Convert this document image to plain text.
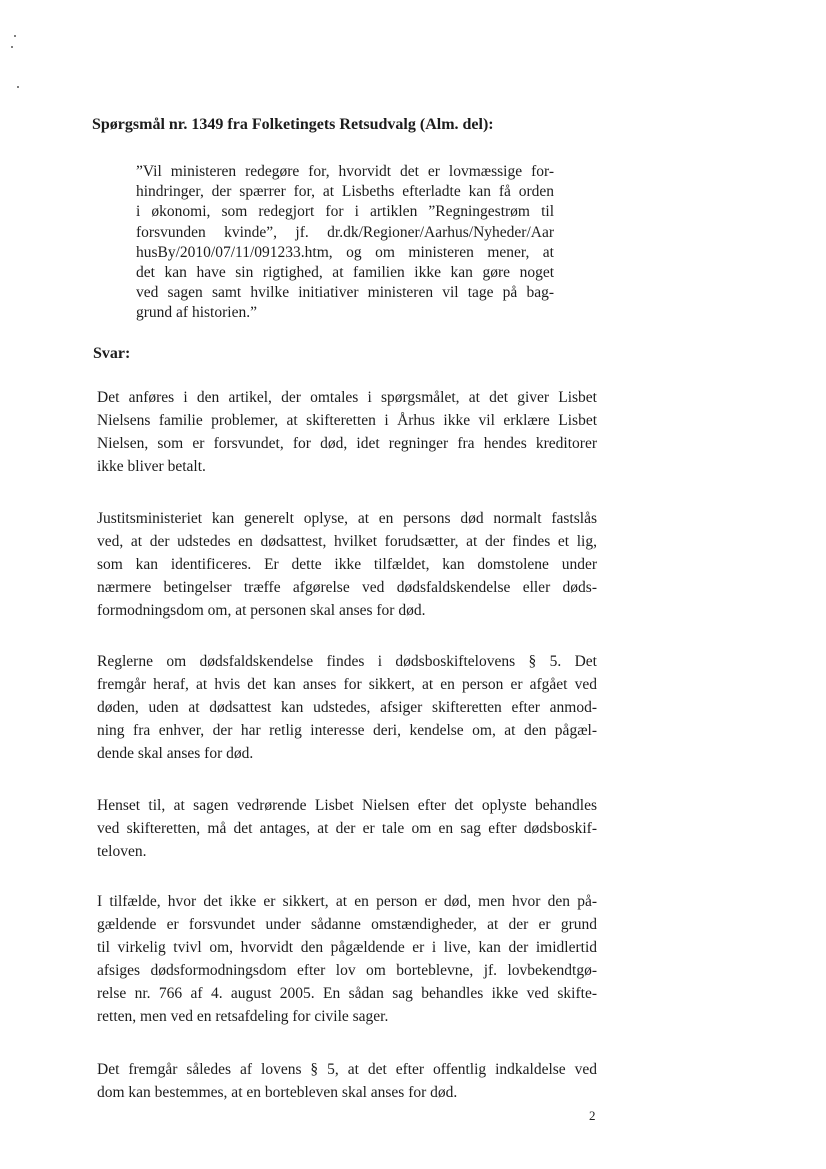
Spørgsmål nr. 1349 fra Folketingets Retsudvalg (Alm. del):
”Vil ministeren redegøre for, hvorvidt det er lovmæssige for-
hindringer, der spærrer for, at Lisbeths efterladte kan få orden
i økonomi, som redegjort for i artiklen ”Regningestrøm til
forsvunden kvinde”, jf. dr.dk/Regioner/Aarhus/Nyheder/Aar
husBy/2010/07/11/091233.htm, og om ministeren mener, at
det kan have sin rigtighed, at familien ikke kan gøre noget
ved sagen samt hvilke initiativer ministeren vil tage på bag-
grund af historien.”
Svar:
Det anføres i den artikel, der omtales i spørgsmålet, at det giver Lisbet
Nielsens familie problemer, at skifteretten i Århus ikke vil erklære Lisbet
Nielsen, som er forsvundet, for død, idet regninger fra hendes kreditorer
ikke bliver betalt.
Justitsministeriet kan generelt oplyse, at en persons død normalt fastslås
ved, at der udstedes en dødsattest, hvilket forudsætter, at der findes et lig,
som kan identificeres. Er dette ikke tilfældet, kan domstolene under
nærmere betingelser træffe afgørelse ved dødsfaldskendelse eller døds-
formodningsdom om, at personen skal anses for død.
Reglerne om dødsfaldskendelse findes i dødsboskiftelovens § 5. Det
fremgår heraf, at hvis det kan anses for sikkert, at en person er afgået ved
døden, uden at dødsattest kan udstedes, afsiger skifteretten efter anmod-
ning fra enhver, der har retlig interesse deri, kendelse om, at den pågæl-
dende skal anses for død.
Henset til, at sagen vedrørende Lisbet Nielsen efter det oplyste behandles
ved skifteretten, må det antages, at der er tale om en sag efter dødsboskif-
teloven.
I tilfælde, hvor det ikke er sikkert, at en person er død, men hvor den på-
gældende er forsvundet under sådanne omstændigheder, at der er grund
til virkelig tvivl om, hvorvidt den pågældende er i live, kan der imidlertid
afsiges dødsformodningsdom efter lov om borteblevne, jf. lovbekendtgø-
relse nr. 766 af 4. august 2005. En sådan sag behandles ikke ved skifte-
retten, men ved en retsafdeling for civile sager.
Det fremgår således af lovens § 5, at det efter offentlig indkaldelse ved
dom kan bestemmes, at en bortebleven skal anses for død.
2
